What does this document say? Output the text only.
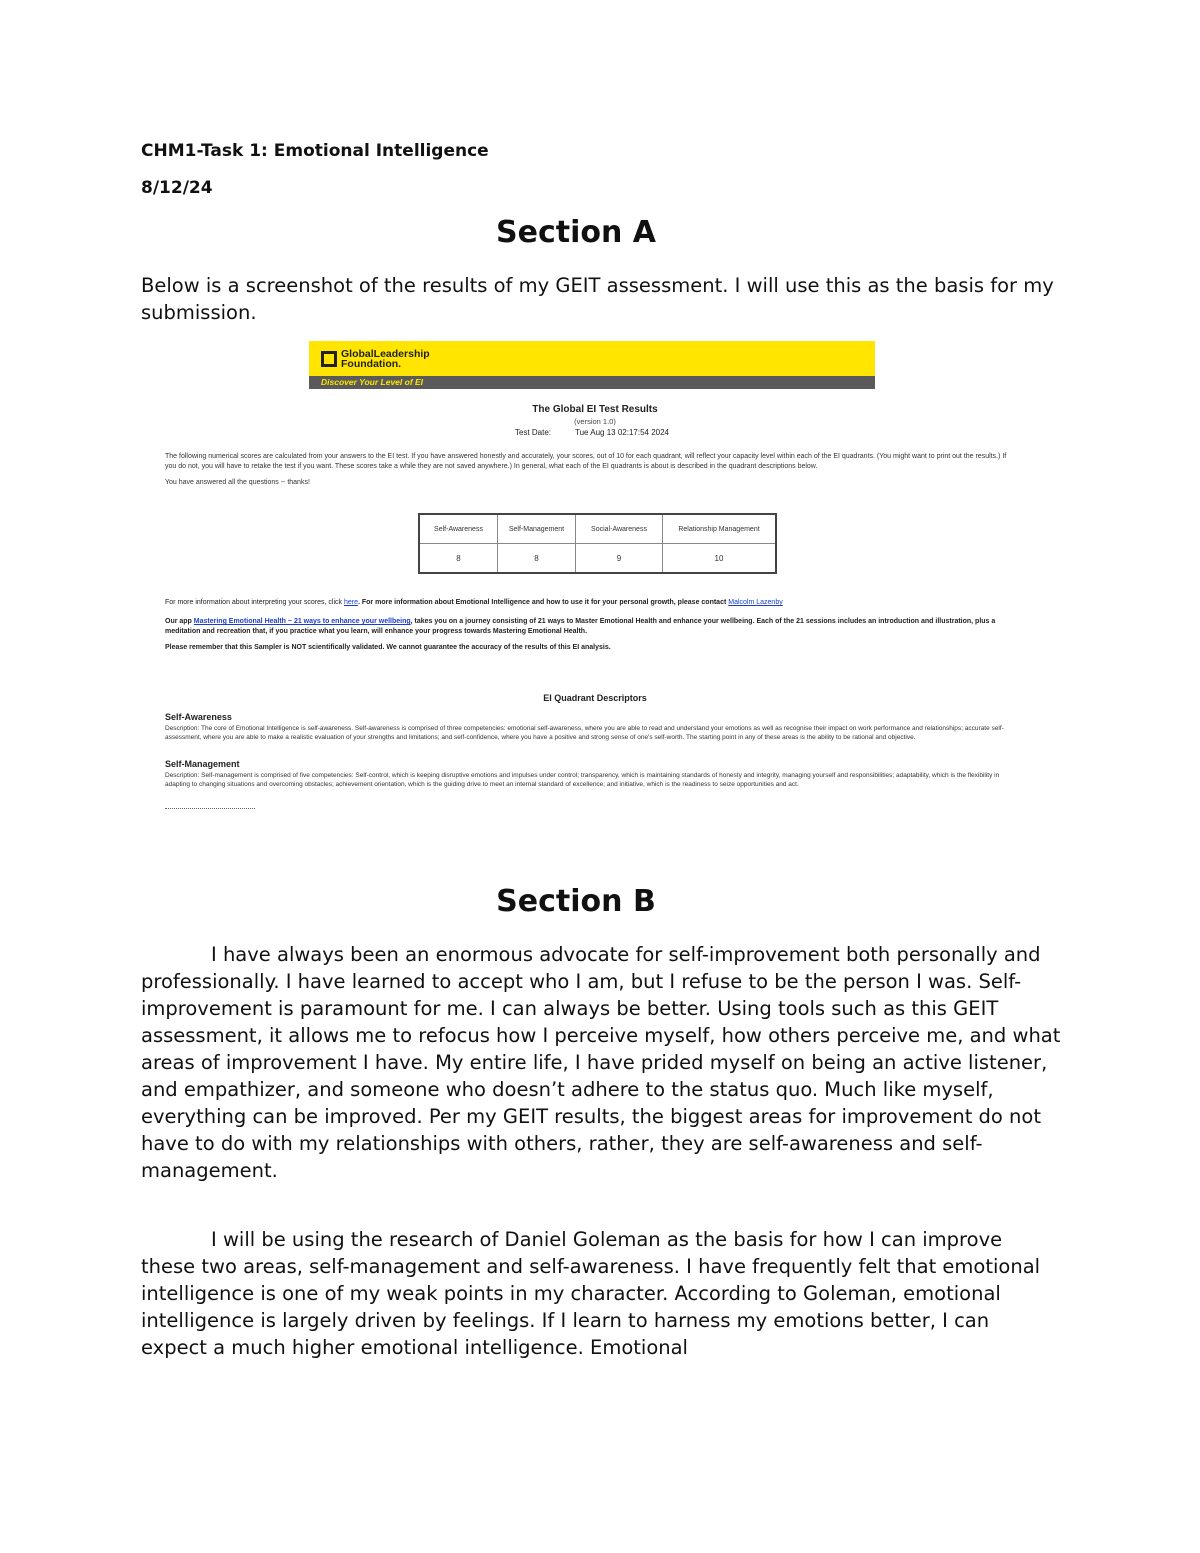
CHM1-Task 1: Emotional Intelligence
8/12/24
Section A

Below is a screenshot of the results of my GEIT assessment. I will use this as the basis for my submission.

Section B

I have always been an enormous advocate for self-improvement both personally and professionally. I have learned to accept who I am, but I refuse to be the person I was. Self-improvement is paramount for me. I can always be better. Using tools such as this GEIT assessment, it allows me to refocus how I perceive myself, how others perceive me, and what areas of improvement I have. My entire life, I have prided myself on being an active listener, and empathizer, and someone who doesn’t adhere to the status quo. Much like myself, everything can be improved. Per my GEIT results, the biggest areas for improvement do not have to do with my relationships with others, rather, they are self-awareness and self-management.

I will be using the research of Daniel Goleman as the basis for how I can improve these two areas, self-management and self-awareness. I have frequently felt that emotional intelligence is one of my weak points in my character. According to Goleman, emotional intelligence is largely driven by feelings. If I learn to harness my emotions better, I can expect a much higher emotional intelligence. Emotional

GlobalLeadership
Foundation.
Discover Your Level of EI
The Global EI Test Results
(version 1.0)
Test Date:	Tue Aug 13 02:17:54 2024
The following numerical scores are calculated from your answers to the EI test. If you have answered honestly and accurately, your scores, out of 10 for each quadrant, will reflect your capacity level within each of the EI quadrants. (You might want to print out the results.) If you do not, you will have to retake the test if you want. These scores take a while they are not saved anywhere.) In general, what each of the EI quadrants is about is described in the quadrant descriptions below.
You have answered all the questions -- thanks!
Self-Awareness	Self-Management	Social-Awareness	Relationship Management
8	8	9	10
For more information about interpreting your scores, click here. For more information about Emotional Intelligence and how to use it for your personal growth, please contact Malcolm Lazenby
Our app Mastering Emotional Health ~ 21 ways to enhance your wellbeing, takes you on a journey consisting of 21 ways to Master Emotional Health and enhance your wellbeing. Each of the 21 sessions includes an introduction and illustration, plus a meditation and recreation that, if you practice what you learn, will enhance your progress towards Mastering Emotional Health.
Please remember that this Sampler is NOT scientifically validated. We cannot guarantee the accuracy of the results of this EI analysis.
EI Quadrant Descriptors
Self-Awareness
Description: The core of Emotional Intelligence is self-awareness. Self-awareness is comprised of three competencies: emotional self-awareness, where you are able to read and understand your emotions as well as recognise their impact on work performance and relationships; accurate self-assessment, where you are able to make a realistic evaluation of your strengths and limitations; and self-confidence, where you have a positive and strong sense of one's self-worth. The starting point in any of these areas is the ability to be rational and objective.
Self-Management
Description: Self-management is comprised of five competencies: Self-control, which is keeping disruptive emotions and impulses under control; transparency, which is maintaining standards of honesty and integrity, managing yourself and responsibilities; adaptability, which is the flexibility in adapting to changing situations and overcoming obstacles; achievement orientation, which is the guiding drive to meet an internal standard of excellence; and initiative, which is the readiness to seize opportunities and act.
